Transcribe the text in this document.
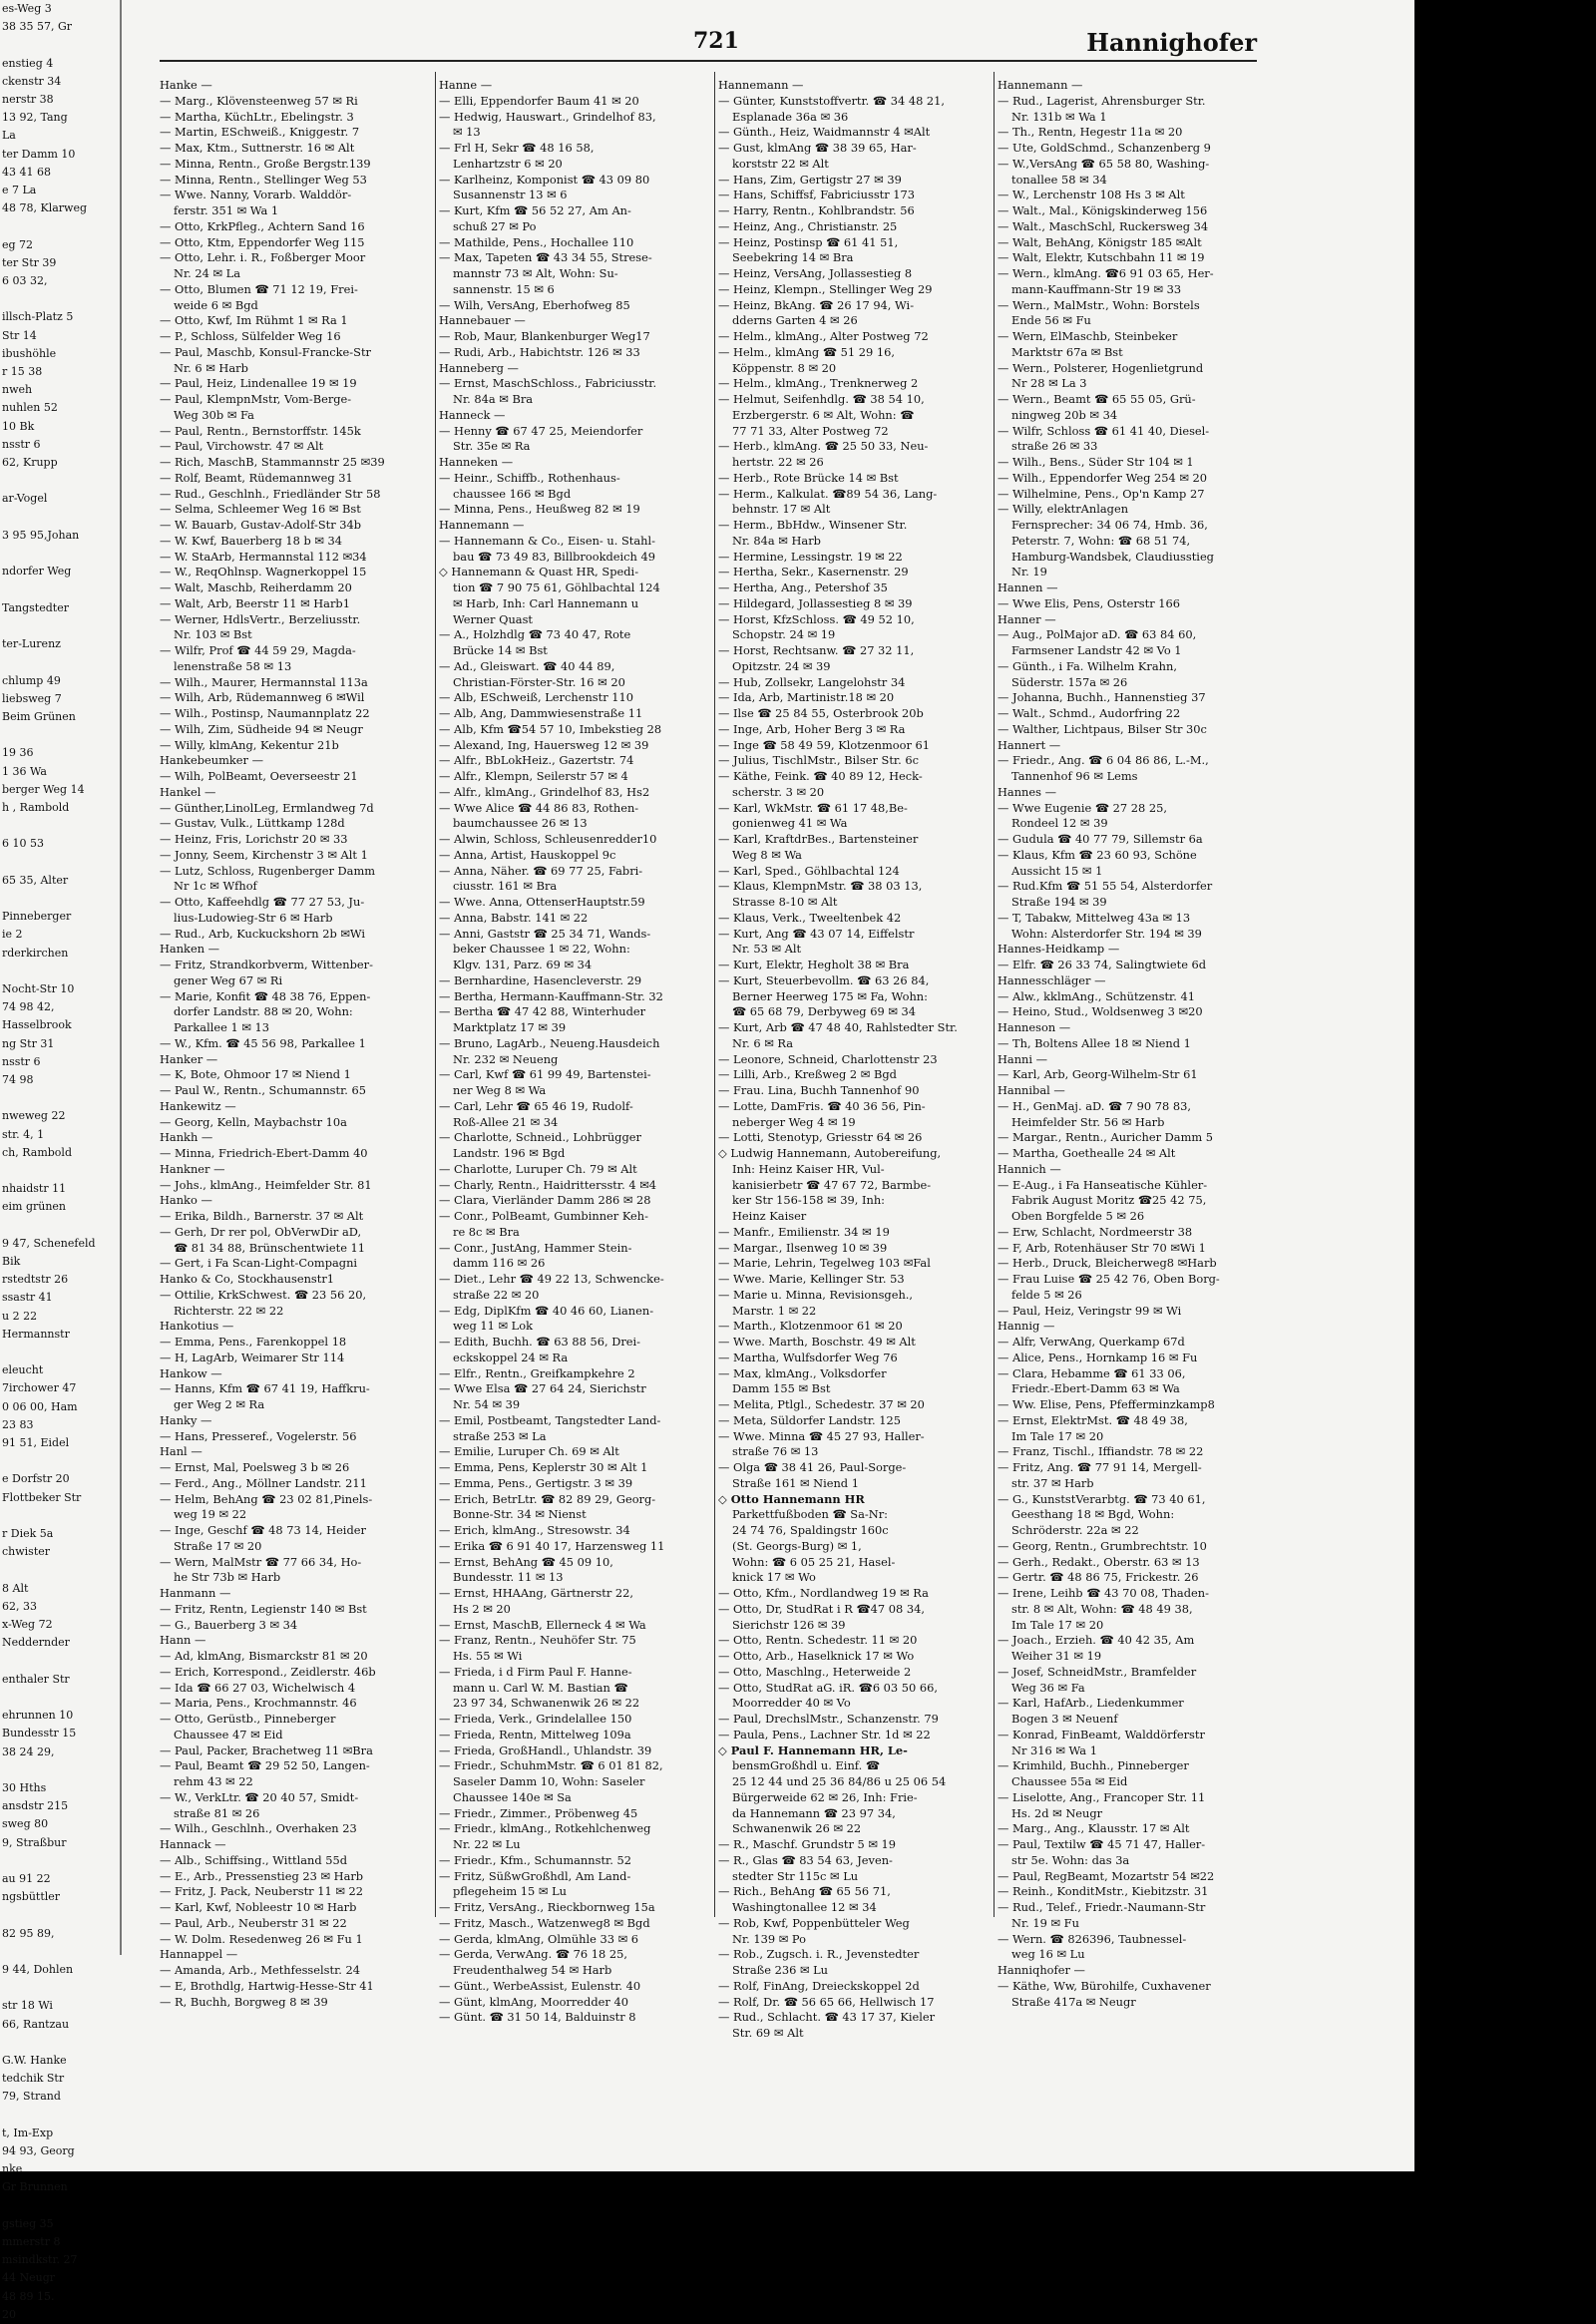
es-Weg 3
38 35 57, Gr

enstieg 4
ckenstr 34
nerstr 38
13 92, Tang
La
ter Damm 10
43 41 68
e 7 La
48 78, Klarweg

eg 72
ter Str 39
6 03 32,

illsch-Platz 5
Str 14
ibushöhle
r 15 38
nweh
nuhlen 52
10 Bk
nsstr 6
62, Krupp

ar-Vogel

3 95 95,Johan

ndorfer Weg

Tangstedter

ter-Lurenz

chlump 49
liebsweg 7
Beim Grünen

19 36
1 36 Wa
berger Weg 14
h , Rambold

6 10 53

65 35, Alter

Pinneberger
ie 2
rderkirchen

Nocht-Str 10
74 98 42,
Hasselbrook
ng Str 31
nsstr 6
74 98

nweweg 22
str. 4, 1
ch, Rambold

nhaidstr 11
eim grünen

9 47, Schenefeld
Bik
rstedtstr 26
ssastr 41
u 2 22
Hermannstr

eleucht
7irchower 47
0 06 00, Ham
23 83
91 51, Eidel

e Dorfstr 20
Flottbeker Str

r Diek 5a
chwister

8 Alt
62, 33
x-Weg 72
Neddernder

enthaler Str

ehrunnen 10
Bundesstr 15
38 24 29,

30 Hths
ansdstr 215
sweg 80
9, Straßbur

au 91 22
ngsbüttler

82 95 89,

9 44, Dohlen

str 18 Wi
66, Rantzau

G.W. Hanke
tedchik Str
79, Strand

t, Im-Exp
94 93, Georg
nke
Gr Brunnen

gstieg 35
mmerstr 8
msindkstr. 27
44 Neugr
48 89 15.
20
721	Hannighofer

Hanke —

— Marg., Klövensteenweg 57 ✉ Ri

— Martha, KüchLtr., Ebelingstr. 3

— Martin, ESchweiß., Kniggestr. 7

— Max, Ktm., Suttnerstr. 16 ✉ Alt

— Minna, Rentn., Große Bergstr.139

— Minna, Rentn., Stellinger Weg 53

— Wwe. Nanny, Vorarb. Walddör-

ferstr. 351 ✉ Wa 1

— Otto, KrkPfleg., Achtern Sand 16

— Otto, Ktm, Eppendorfer Weg 115

— Otto, Lehr. i. R., Foßberger Moor

Nr. 24 ✉ La

— Otto, Blumen ☎ 71 12 19, Frei-

weide 6 ✉ Bgd

— Otto, Kwf, Im Rühmt 1 ✉ Ra 1

— P., Schloss, Sülfelder Weg 16

— Paul, Maschb, Konsul-Francke-Str

Nr. 6 ✉ Harb

— Paul, Heiz, Lindenallee 19 ✉ 19

— Paul, KlempnMstr, Vom-Berge-

Weg 30b ✉ Fa

— Paul, Rentn., Bernstorffstr. 145k

— Paul, Virchowstr. 47 ✉ Alt

— Rich, MaschB, Stammannstr 25 ✉39

— Rolf, Beamt, Rüdemannweg 31

— Rud., Geschlnh., Friedländer Str 58

— Selma, Schleemer Weg 16 ✉ Bst

— W. Bauarb, Gustav-Adolf-Str 34b

— W. Kwf, Bauerberg 18 b ✉ 34

— W. StaArb, Hermannstal 112 ✉34

— W., ReqOhlnsp. Wagnerkoppel 15

— Walt, Maschb, Reiherdamm 20

— Walt, Arb, Beerstr 11 ✉ Harb1

— Werner, HdlsVertr., Berzeliusstr.

Nr. 103 ✉ Bst

— Wilfr, Prof ☎ 44 59 29, Magda-

lenenstraße 58 ✉ 13

— Wilh., Maurer, Hermannstal 113a

— Wilh, Arb, Rüdemannweg 6 ✉Wil

— Wilh., Postinsp, Naumannplatz 22

— Wilh, Zim, Südheide 94 ✉ Neugr

— Willy, klmAng, Kekentur 21b

Hankebeumker —

— Wilh, PolBeamt, Oeverseestr 21

Hankel —

— Günther,LinolLeg, Ermlandweg 7d

— Gustav, Vulk., Lüttkamp 128d

— Heinz, Fris, Lorichstr 20 ✉ 33

— Jonny, Seem, Kirchenstr 3 ✉ Alt 1

— Lutz, Schloss, Rugenberger Damm

Nr 1c ✉ Wfhof

— Otto, Kaffeehdlg ☎ 77 27 53, Ju-

lius-Ludowieg-Str 6 ✉ Harb

— Rud., Arb, Kuckuckshorn 2b ✉Wi

Hanken —

— Fritz, Strandkorbverm, Wittenber-

gener Weg 67 ✉ Ri

— Marie, Konfit ☎ 48 38 76, Eppen-

dorfer Landstr. 88 ✉ 20, Wohn:

Parkallee 1 ✉ 13

— W., Kfm. ☎ 45 56 98, Parkallee 1

Hanker —

— K, Bote, Ohmoor 17 ✉ Niend 1

— Paul W., Rentn., Schumannstr. 65

Hankewitz —

— Georg, Kelln, Maybachstr 10a

Hankh —

— Minna, Friedrich-Ebert-Damm 40

Hankner —

— Johs., klmAng., Heimfelder Str. 81

Hanko —

— Erika, Bildh., Barnerstr. 37 ✉ Alt

— Gerh, Dr rer pol, ObVerwDir aD,

☎ 81 34 88, Brünschentwiete 11

— Gert, i Fa Scan-Light-Compagni

Hanko & Co, Stockhausenstr1

— Ottilie, KrkSchwest. ☎ 23 56 20,

Richterstr. 22 ✉ 22

Hankotius —

— Emma, Pens., Farenkoppel 18

— H, LagArb, Weimarer Str 114

Hankow —

— Hanns, Kfm ☎ 67 41 19, Haffkru-

ger Weg 2 ✉ Ra

Hanky —

— Hans, Presseref., Vogelerstr. 56

Hanl —

— Ernst, Mal, Poelsweg 3 b ✉ 26

— Ferd., Ang., Möllner Landstr. 211

— Helm, BehAng ☎ 23 02 81,Pinels-

weg 19 ✉ 22

— Inge, Geschf ☎ 48 73 14, Heider

Straße 17 ✉ 20

— Wern, MalMstr ☎ 77 66 34, Ho-

he Str 73b ✉ Harb

Hanmann —

— Fritz, Rentn, Legienstr 140 ✉ Bst

— G., Bauerberg 3 ✉ 34

Hann —

— Ad, klmAng, Bismarckstr 81 ✉ 20

— Erich, Korrespond., Zeidlerstr. 46b

— Ida ☎ 66 27 03, Wichelwisch 4

— Maria, Pens., Krochmannstr. 46

— Otto, Gerüstb., Pinneberger

Chaussee 47 ✉ Eid

— Paul, Packer, Brachetweg 11 ✉Bra

— Paul, Beamt ☎ 29 52 50, Langen-

rehm 43 ✉ 22

— W., VerkLtr. ☎ 20 40 57, Smidt-

straße 81 ✉ 26

— Wilh., Geschlnh., Overhaken 23

Hannack —

— Alb., Schiffsing., Wittland 55d

— E., Arb., Pressenstieg 23 ✉ Harb

— Fritz, J. Pack, Neuberstr 11 ✉ 22

— Karl, Kwf, Nobleestr 10 ✉ Harb

— Paul, Arb., Neuberstr 31 ✉ 22

— W. Dolm. Resedenweg 26 ✉ Fu 1

Hannappel —

— Amanda, Arb., Methfesselstr. 24

— E, Brothdlg, Hartwig-Hesse-Str 41

— R, Buchh, Borgweg 8 ✉ 39

Hanne —

— Elli, Eppendorfer Baum 41 ✉ 20

— Hedwig, Hauswart., Grindelhof 83,

✉ 13

— Frl H, Sekr ☎ 48 16 58,

Lenhartzstr 6 ✉ 20

— Karlheinz, Komponist ☎ 43 09 80

Susannenstr 13 ✉ 6

— Kurt, Kfm ☎ 56 52 27, Am An-

schuß 27 ✉ Po

— Mathilde, Pens., Hochallee 110

— Max, Tapeten ☎ 43 34 55, Strese-

mannstr 73 ✉ Alt, Wohn: Su-

sannenstr. 15 ✉ 6

— Wilh, VersAng, Eberhofweg 85

Hannebauer —

— Rob, Maur, Blankenburger Weg17

— Rudi, Arb., Habichtstr. 126 ✉ 33

Hanneberg —

— Ernst, MaschSchloss., Fabriciusstr.

Nr. 84a ✉ Bra

Hanneck —

— Henny ☎ 67 47 25, Meiendorfer

Str. 35e ✉ Ra

Hanneken —

— Heinr., Schiffb., Rothenhaus-

chaussee 166 ✉ Bgd

— Minna, Pens., Heußweg 82 ✉ 19

Hannemann —

— Hannemann & Co., Eisen- u. Stahl-

bau ☎ 73 49 83, Billbrookdeich 49

◇ Hannemann & Quast HR, Spedi-

tion ☎ 7 90 75 61, Göhlbachtal 124

✉ Harb, Inh: Carl Hannemann u

Werner Quast

— A., Holzhdlg ☎ 73 40 47, Rote

Brücke 14 ✉ Bst

— Ad., Gleiswart. ☎ 40 44 89,

Christian-Förster-Str. 16 ✉ 20

— Alb, ESchweiß, Lerchenstr 110

— Alb, Ang, Dammwiesenstraße 11

— Alb, Kfm ☎54 57 10, Imbekstieg 28

— Alexand, Ing, Hauersweg 12 ✉ 39

— Alfr., BbLokHeiz., Gazertstr. 74

— Alfr., Klempn, Seilerstr 57 ✉ 4

— Alfr., klmAng., Grindelhof 83, Hs2

— Wwe Alice ☎ 44 86 83, Rothen-

baumchaussee 26 ✉ 13

— Alwin, Schloss, Schleusenredder10

— Anna, Artist, Hauskoppel 9c

— Anna, Näher. ☎ 69 77 25, Fabri-

ciusstr. 161 ✉ Bra

— Wwe. Anna, OttenserHauptstr.59

— Anna, Babstr. 141 ✉ 22

— Anni, Gaststr ☎ 25 34 71, Wands-

beker Chaussee 1 ✉ 22, Wohn:

Klgv. 131, Parz. 69 ✉ 34

— Bernhardine, Hasencleverstr. 29

— Bertha, Hermann-Kauffmann-Str. 32

— Bertha ☎ 47 42 88, Winterhuder

Marktplatz 17 ✉ 39

— Bruno, LagArb., Neueng.Hausdeich

Nr. 232 ✉ Neueng

— Carl, Kwf ☎ 61 99 49, Bartenstei-

ner Weg 8 ✉ Wa

— Carl, Lehr ☎ 65 46 19, Rudolf-

Roß-Allee 21 ✉ 34

— Charlotte, Schneid., Lohbrügger

Landstr. 196 ✉ Bgd

— Charlotte, Luruper Ch. 79 ✉ Alt

— Charly, Rentn., Haidrittersstr. 4 ✉4

— Clara, Vierländer Damm 286 ✉ 28

— Conr., PolBeamt, Gumbinner Keh-

re 8c ✉ Bra

— Conr., JustAng, Hammer Stein-

damm 116 ✉ 26

— Diet., Lehr ☎ 49 22 13, Schwencke-

straße 22 ✉ 20

— Edg, DiplKfm ☎ 40 46 60, Lianen-

weg 11 ✉ Lok

— Edith, Buchh. ☎ 63 88 56, Drei-

eckskoppel 24 ✉ Ra

— Elfr., Rentn., Greifkampkehre 2

— Wwe Elsa ☎ 27 64 24, Sierichstr

Nr. 54 ✉ 39

— Emil, Postbeamt, Tangstedter Land-

straße 253 ✉ La

— Emilie, Luruper Ch. 69 ✉ Alt

— Emma, Pens, Keplerstr 30 ✉ Alt 1

— Emma, Pens., Gertigstr. 3 ✉ 39

— Erich, BetrLtr. ☎ 82 89 29, Georg-

Bonne-Str. 34 ✉ Nienst

— Erich, klmAng., Stresowstr. 34

— Erika ☎ 6 91 40 17, Harzensweg 11

— Ernst, BehAng ☎ 45 09 10,

Bundesstr. 11 ✉ 13

— Ernst, HHAAng, Gärtnerstr 22,

Hs 2 ✉ 20

— Ernst, MaschB, Ellerneck 4 ✉ Wa

— Franz, Rentn., Neuhöfer Str. 75

Hs. 55 ✉ Wi

— Frieda, i d Firm Paul F. Hanne-

mann u. Carl W. M. Bastian ☎

23 97 34, Schwanenwik 26 ✉ 22

— Frieda, Verk., Grindelallee 150

— Frieda, Rentn, Mittelweg 109a

— Frieda, GroßHandl., Uhlandstr. 39

— Friedr., SchuhmMstr. ☎ 6 01 81 82,

Saseler Damm 10, Wohn: Saseler

Chaussee 140e ✉ Sa

— Friedr., Zimmer., Pröbenweg 45

— Friedr., klmAng., Rotkehlchenweg

Nr. 22 ✉ Lu

— Friedr., Kfm., Schumannstr. 52

— Fritz, SüßwGroßhdl, Am Land-

pflegeheim 15 ✉ Lu

— Fritz, VersAng., Rieckbornweg 15a

— Fritz, Masch., Watzenweg8 ✉ Bgd

— Gerda, klmAng, Olmühle 33 ✉ 6

— Gerda, VerwAng. ☎ 76 18 25,

Freudenthalweg 54 ✉ Harb

— Günt., WerbeAssist, Eulenstr. 40

— Günt, klmAng, Moorredder 40

— Günt. ☎ 31 50 14, Balduinstr 8

Hannemann —

— Günter, Kunststoffvertr. ☎ 34 48 21,

Esplanade 36a ✉ 36

— Günth., Heiz, Waidmannstr 4 ✉Alt

— Gust, klmAng ☎ 38 39 65, Har-

korststr 22 ✉ Alt

— Hans, Zim, Gertigstr 27 ✉ 39

— Hans, Schiffsf, Fabriciusstr 173

— Harry, Rentn., Kohlbrandstr. 56

— Heinz, Ang., Christianstr. 25

— Heinz, Postinsp ☎ 61 41 51,

Seebekring 14 ✉ Bra

— Heinz, VersAng, Jollassestieg 8

— Heinz, Klempn., Stellinger Weg 29

— Heinz, BkAng. ☎ 26 17 94, Wi-

dderns Garten 4 ✉ 26

— Helm., klmAng., Alter Postweg 72

— Helm., klmAng ☎ 51 29 16,

Köppenstr. 8 ✉ 20

— Helm., klmAng., Trenknerweg 2

— Helmut, Seifenhdlg. ☎ 38 54 10,

Erzbergerstr. 6 ✉ Alt, Wohn: ☎

77 71 33, Alter Postweg 72

— Herb., klmAng. ☎ 25 50 33, Neu-

hertstr. 22 ✉ 26

— Herb., Rote Brücke 14 ✉ Bst

— Herm., Kalkulat. ☎89 54 36, Lang-

behnstr. 17 ✉ Alt

— Herm., BbHdw., Winsener Str.

Nr. 84a ✉ Harb

— Hermine, Lessingstr. 19 ✉ 22

— Hertha, Sekr., Kasernenstr. 29

— Hertha, Ang., Petershof 35

— Hildegard, Jollassestieg 8 ✉ 39

— Horst, KfzSchloss. ☎ 49 52 10,

Schopstr. 24 ✉ 19

— Horst, Rechtsanw. ☎ 27 32 11,

Opitzstr. 24 ✉ 39

— Hub, Zollsekr, Langelohstr 34

— Ida, Arb, Martinistr.18 ✉ 20

— Ilse ☎ 25 84 55, Osterbrook 20b

— Inge, Arb, Hoher Berg 3 ✉ Ra

— Inge ☎ 58 49 59, Klotzenmoor 61

— Julius, TischlMstr., Bilser Str. 6c

— Käthe, Feink. ☎ 40 89 12, Heck-

scherstr. 3 ✉ 20

— Karl, WkMstr. ☎ 61 17 48,Be-

gonienweg 41 ✉ Wa

— Karl, KraftdrBes., Bartensteiner

Weg 8 ✉ Wa

— Karl, Sped., Göhlbachtal 124

— Klaus, KlempnMstr. ☎ 38 03 13,

Strasse 8-10 ✉ Alt

— Klaus, Verk., Tweeltenbek 42

— Kurt, Ang ☎ 43 07 14, Eiffelstr

Nr. 53 ✉ Alt

— Kurt, Elektr, Hegholt 38 ✉ Bra

— Kurt, Steuerbevollm. ☎ 63 26 84,

Berner Heerweg 175 ✉ Fa, Wohn:

☎ 65 68 79, Derbyweg 69 ✉ 34

— Kurt, Arb ☎ 47 48 40, Rahlstedter Str.

Nr. 6 ✉ Ra

— Leonore, Schneid, Charlottenstr 23

— Lilli, Arb., Kreßweg 2 ✉ Bgd

— Frau. Lina, Buchh Tannenhof 90

— Lotte, DamFris. ☎ 40 36 56, Pin-

neberger Weg 4 ✉ 19

— Lotti, Stenotyp, Griesstr 64 ✉ 26

◇ Ludwig Hannemann, Autobereifung,

Inh: Heinz Kaiser HR, Vul-

kanisierbetr ☎ 47 67 72, Barmbe-

ker Str 156-158 ✉ 39, Inh:

Heinz Kaiser

— Manfr., Emilienstr. 34 ✉ 19

— Margar., Ilsenweg 10 ✉ 39

— Marie, Lehrin, Tegelweg 103 ✉Fal

— Wwe. Marie, Kellinger Str. 53

— Marie u. Minna, Revisionsgeh.,

Marstr. 1 ✉ 22

— Marth., Klotzenmoor 61 ✉ 20

— Wwe. Marth, Boschstr. 49 ✉ Alt

— Martha, Wulfsdorfer Weg 76

— Max, klmAng., Volksdorfer

Damm 155 ✉ Bst

— Melita, Ptlgl., Schedestr. 37 ✉ 20

— Meta, Süldorfer Landstr. 125

— Wwe. Minna ☎ 45 27 93, Haller-

straße 76 ✉ 13

— Olga ☎ 38 41 26, Paul-Sorge-

Straße 161 ✉ Niend 1

◇ Otto Hannemann HR

Parkettfußboden ☎ Sa-Nr:

24 74 76, Spaldingstr 160c

(St. Georgs-Burg) ✉ 1,

Wohn: ☎ 6 05 25 21, Hasel-

knick 17 ✉ Wo

— Otto, Kfm., Nordlandweg 19 ✉ Ra

— Otto, Dr, StudRat i R ☎47 08 34,

Sierichstr 126 ✉ 39

— Otto, Rentn. Schedestr. 11 ✉ 20

— Otto, Arb., Haselknick 17 ✉ Wo

— Otto, Maschlng., Heterweide 2

— Otto, StudRat aG. iR. ☎6 03 50 66,

Moorredder 40 ✉ Vo

— Paul, DrechslMstr., Schanzenstr. 79

— Paula, Pens., Lachner Str. 1d ✉ 22

◇ Paul F. Hannemann HR, Le-

bensmGroßhdl u. Einf. ☎

25 12 44 und 25 36 84/86 u 25 06 54

Bürgerweide 62 ✉ 26, Inh: Frie-

da Hannemann ☎ 23 97 34,

Schwanenwik 26 ✉ 22

— R., Maschf. Grundstr 5 ✉ 19

— R., Glas ☎ 83 54 63, Jeven-

stedter Str 115c ✉ Lu

— Rich., BehAng ☎ 65 56 71,

Washingtonallee 12 ✉ 34

— Rob, Kwf, Poppenbütteler Weg

Nr. 139 ✉ Po

— Rob., Zugsch. i. R., Jevenstedter

Straße 236 ✉ Lu

— Rolf, FinAng, Dreieckskoppel 2d

— Rolf, Dr. ☎ 56 65 66, Hellwisch 17

— Rud., Schlacht. ☎ 43 17 37, Kieler

Str. 69 ✉ Alt

Hannemann —

— Rud., Lagerist, Ahrensburger Str.

Nr. 131b ✉ Wa 1

— Th., Rentn, Hegestr 11a ✉ 20

— Ute, GoldSchmd., Schanzenberg 9

— W.,VersAng ☎ 65 58 80, Washing-

tonallee 58 ✉ 34

— W., Lerchenstr 108 Hs 3 ✉ Alt

— Walt., Mal., Königskinderweg 156

— Walt., MaschSchl, Ruckersweg 34

— Walt, BehAng, Königstr 185 ✉Alt

— Walt, Elektr, Kutschbahn 11 ✉ 19

— Wern., klmAng. ☎6 91 03 65, Her-

mann-Kauffmann-Str 19 ✉ 33

— Wern., MalMstr., Wohn: Borstels

Ende 56 ✉ Fu

— Wern, ElMaschb, Steinbeker

Marktstr 67a ✉ Bst

— Wern., Polsterer, Hogenlietgrund

Nr 28 ✉ La 3

— Wern., Beamt ☎ 65 55 05, Grü-

ningweg 20b ✉ 34

— Wilfr, Schloss ☎ 61 41 40, Diesel-

straße 26 ✉ 33

— Wilh., Bens., Süder Str 104 ✉ 1

— Wilh., Eppendorfer Weg 254 ✉ 20

— Wilhelmine, Pens., Op'n Kamp 27

— Willy, elektrAnlagen

Fernsprecher: 34 06 74, Hmb. 36,

Peterstr. 7, Wohn: ☎ 68 51 74,

Hamburg-Wandsbek, Claudiusstieg

Nr. 19

Hannen —

— Wwe Elis, Pens, Osterstr 166

Hanner —

— Aug., PolMajor aD. ☎ 63 84 60,

Farmsener Landstr 42 ✉ Vo 1

— Günth., i Fa. Wilhelm Krahn,

Süderstr. 157a ✉ 26

— Johanna, Buchh., Hannenstieg 37

— Walt., Schmd., Audorfring 22

— Walther, Lichtpaus, Bilser Str 30c

Hannert —

— Friedr., Ang. ☎ 6 04 86 86, L.-M.,

Tannenhof 96 ✉ Lems

Hannes —

— Wwe Eugenie ☎ 27 28 25,

Rondeel 12 ✉ 39

— Gudula ☎ 40 77 79, Sillemstr 6a

— Klaus, Kfm ☎ 23 60 93, Schöne

Aussicht 15 ✉ 1

— Rud.Kfm ☎ 51 55 54, Alsterdorfer

Straße 194 ✉ 39

— T, Tabakw, Mittelweg 43a ✉ 13

Wohn: Alsterdorfer Str. 194 ✉ 39

Hannes-Heidkamp —

— Elfr. ☎ 26 33 74, Salingtwiete 6d

Hannesschläger —

— Alw., kklmAng., Schützenstr. 41

— Heino, Stud., Woldsenweg 3 ✉20

Hanneson —

— Th, Boltens Allee 18 ✉ Niend 1

Hanni —

— Karl, Arb, Georg-Wilhelm-Str 61

Hannibal —

— H., GenMaj. aD. ☎ 7 90 78 83,

Heimfelder Str. 56 ✉ Harb

— Margar., Rentn., Auricher Damm 5

— Martha, Goethealle 24 ✉ Alt

Hannich —

— E-Aug., i Fa Hanseatische Kühler-

Fabrik August Moritz ☎25 42 75,

Oben Borgfelde 5 ✉ 26

— Erw, Schlacht, Nordmeerstr 38

— F, Arb, Rotenhäuser Str 70 ✉Wi 1

— Herb., Druck, Bleicherweg8 ✉Harb

— Frau Luise ☎ 25 42 76, Oben Borg-

felde 5 ✉ 26

— Paul, Heiz, Veringstr 99 ✉ Wi

Hannig —

— Alfr, VerwAng, Querkamp 67d

— Alice, Pens., Hornkamp 16 ✉ Fu

— Clara, Hebamme ☎ 61 33 06,

Friedr.-Ebert-Damm 63 ✉ Wa

— Ww. Elise, Pens, Pfefferminzkamp8

— Ernst, ElektrMst. ☎ 48 49 38,

Im Tale 17 ✉ 20

— Franz, Tischl., Iffiandstr. 78 ✉ 22

— Fritz, Ang. ☎ 77 91 14, Mergell-

str. 37 ✉ Harb

— G., KunststVerarbtg. ☎ 73 40 61,

Geesthang 18 ✉ Bgd, Wohn:

Schröderstr. 22a ✉ 22

— Georg, Rentn., Grumbrechtstr. 10

— Gerh., Redakt., Oberstr. 63 ✉ 13

— Gertr. ☎ 48 86 75, Frickestr. 26

— Irene, Leihb ☎ 43 70 08, Thaden-

str. 8 ✉ Alt, Wohn: ☎ 48 49 38,

Im Tale 17 ✉ 20

— Joach., Erzieh. ☎ 40 42 35, Am

Weiher 31 ✉ 19

— Josef, SchneidMstr., Bramfelder

Weg 36 ✉ Fa

— Karl, HafArb., Liedenkummer

Bogen 3 ✉ Neuenf

— Konrad, FinBeamt, Walddörferstr

Nr 316 ✉ Wa 1

— Krimhild, Buchh., Pinneberger

Chaussee 55a ✉ Eid

— Liselotte, Ang., Francoper Str. 11

Hs. 2d ✉ Neugr

— Marg., Ang., Klausstr. 17 ✉ Alt

— Paul, Textilw ☎ 45 71 47, Haller-

str 5e. Wohn: das 3a

— Paul, RegBeamt, Mozartstr 54 ✉22

— Reinh., KonditMstr., Kiebitzstr. 31

— Rud., Telef., Friedr.-Naumann-Str

Nr. 19 ✉ Fu

— Wern. ☎ 826396, Taubnessel-

weg 16 ✉ Lu

Hanniqhofer —

— Käthe, Ww, Bürohilfe, Cuxhavener

Straße 417a ✉ Neugr
